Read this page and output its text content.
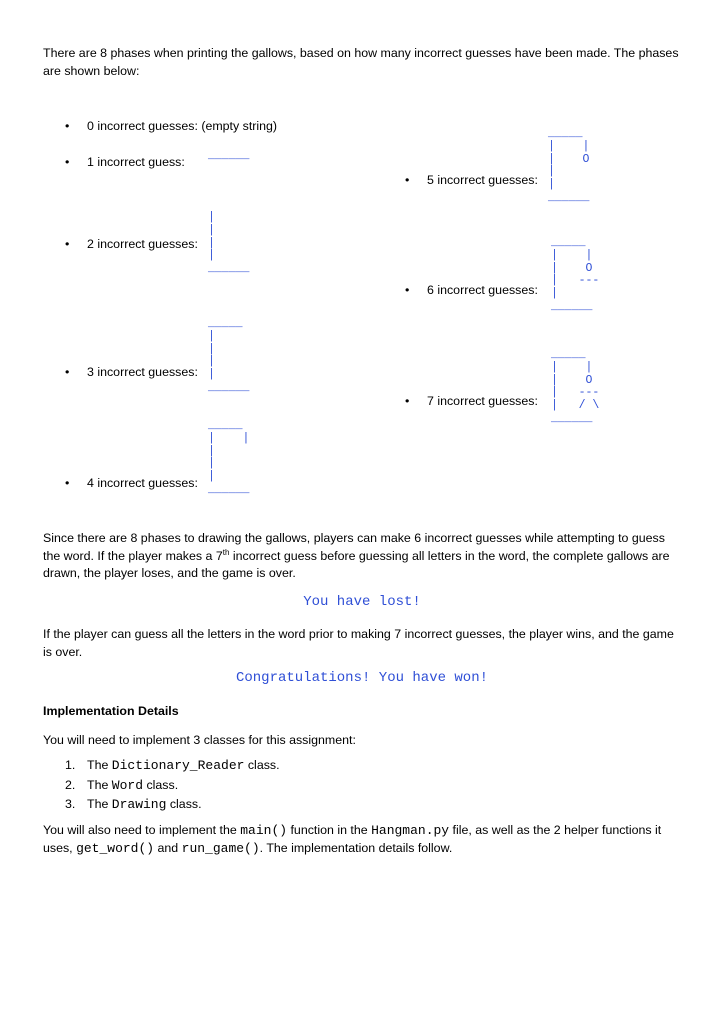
There are 8 phases when printing the gallows, based on how many incorrect guesses have been made. The phases are shown below:

• 0 incorrect guesses: (empty string)
• 1 incorrect guess: ______
• 2 incorrect guesses:
|
|
|
|
______
• 3 incorrect guesses:
_____
|
|
|
|
______
• 4 incorrect guesses:
_____
|    |
|
|
|
______
• 5 incorrect guesses:
_____
|    |
|    O
|
|
______
• 6 incorrect guesses:
_____
|    |
|    O
|   ---
|
______
• 7 incorrect guesses:
_____
|    |
|    O
|   ---
|   / \
______

Since there are 8 phases to drawing the gallows, players can make 6 incorrect guesses while attempting to guess the word. If the player makes a 7th incorrect guess before guessing all letters in the word, the complete gallows are drawn, the player loses, and the game is over.

You have lost!

If the player can guess all the letters in the word prior to making 7 incorrect guesses, the player wins, and the game is over.

Congratulations! You have won!
Implementation Details

You will need to implement 3 classes for this assignment:

1. The Dictionary_Reader class.
2. The Word class.
3. The Drawing class.

You will also need to implement the main() function in the Hangman.py file, as well as the 2 helper functions it uses, get_word() and run_game(). The implementation details follow.
